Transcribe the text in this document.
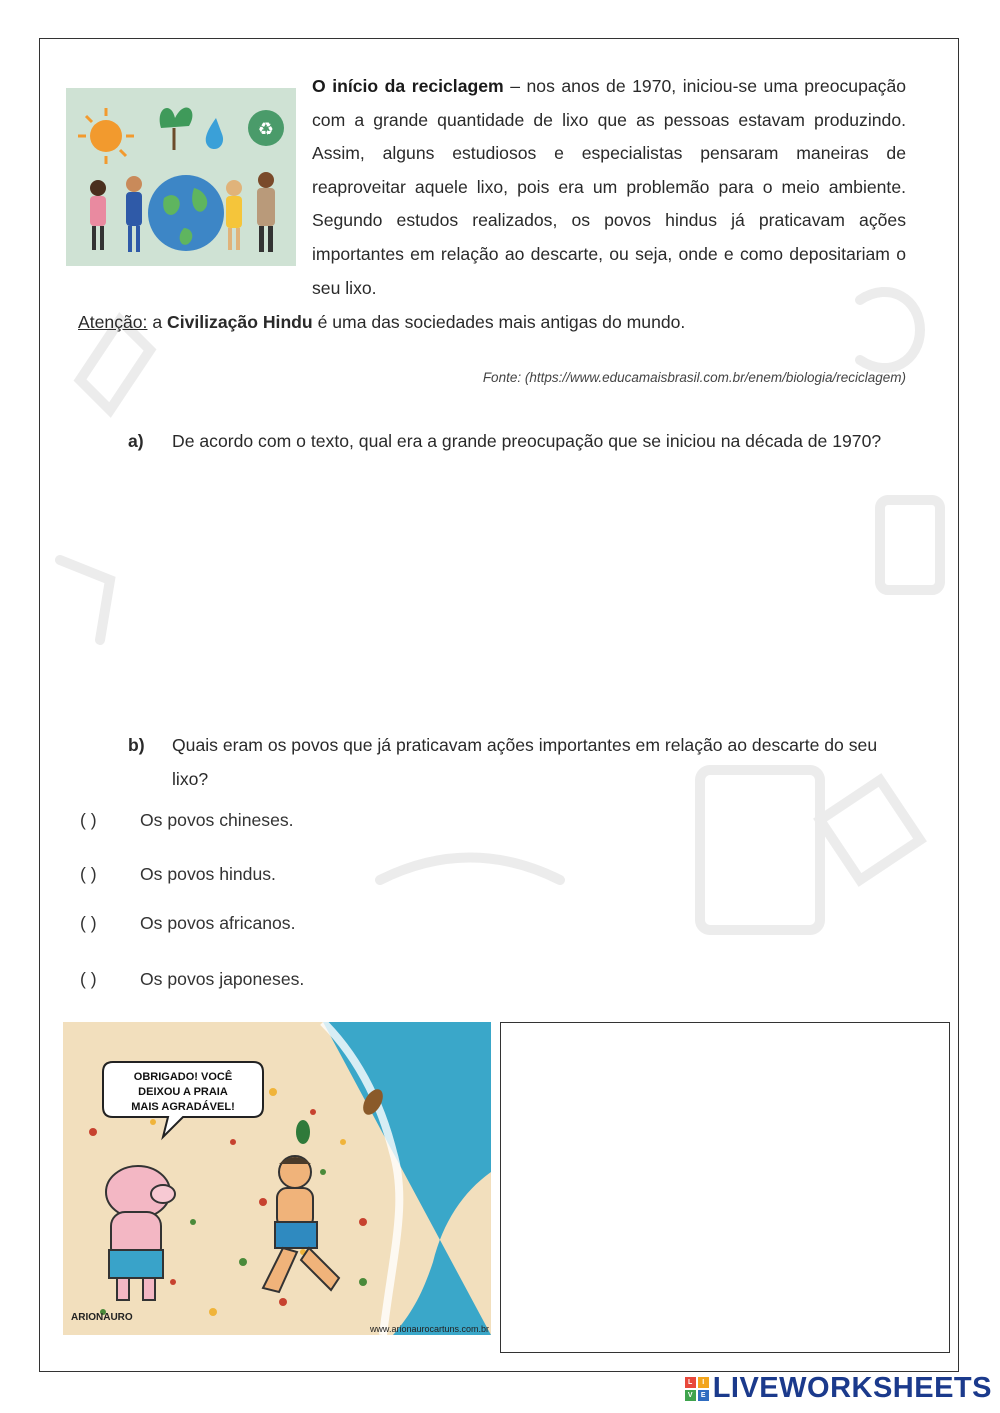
♻
O início da reciclagem – nos anos de 1970, iniciou-se uma preocupação com a grande quantidade de lixo que as pessoas estavam produzindo. Assim, alguns estudiosos e especialistas pensaram maneiras de reaproveitar aquele lixo, pois era um problemão para o meio ambiente. Segundo estudos realizados, os povos hindus já praticavam ações importantes em relação ao descarte, ou seja, onde e como depositariam o seu lixo.
Atenção: a Civilização Hindu é uma das sociedades mais antigas do mundo.
Fonte: (https://www.educamaisbrasil.com.br/enem/biologia/reciclagem)
a) De acordo com o texto, qual era a grande preocupação que se iniciou na década de 1970?
b) Quais eram os povos que já praticavam ações importantes em relação ao descarte do seu lixo?
( ) Os povos chineses.
( ) Os povos hindus.
( ) Os povos africanos.
( ) Os povos japoneses.
OBRIGADO! VOCÊ
DEIXOU A PRAIA
MAIS AGRADÁVEL!
ARIONAURO
www.arionaurocartuns.com.br
L	I
V	E LIVEWORKSHEETS
